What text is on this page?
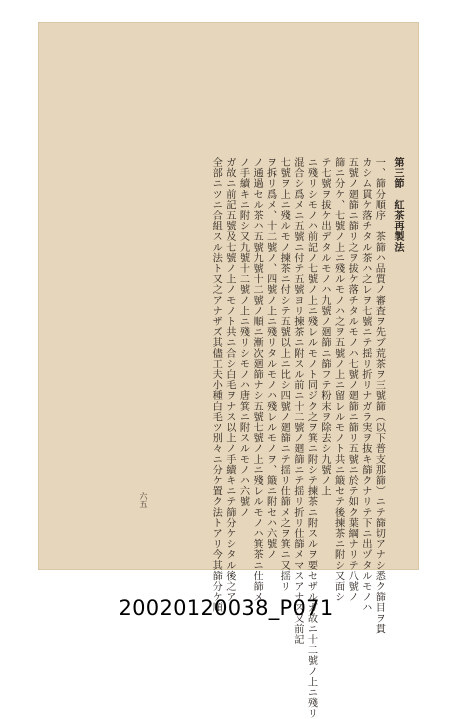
第三節　紅茶再製法
一、篩分順序　茶篩ハ品質ノ審査ヲ先ブ荒茶ヲ三號篩（以下普支那篩）ニテ篩切アナシ悉ク篩目ヲ貫
カシム貫ケ落チタル茶ハ之レヲ七號ニテ揺リ折リナガラ実ヲ抜キ篩クナリテ下ニ出ヅタルモノハ
五號ノ廻篩ニ篩リ之ヲ拔ケ落チタルモノハ七號ノ廻篩ニ篩リ五號ニ於テ如ク葉綱ナリテ八號ノ
篩ニ分ケ、七號ノ上ニ殘ルモノハ之ヲ五號ノ上ニ留レルモノト共ニ簸セテ後揀茶ニ附シ又面シ
テ七號ヲ拔ケ出デタルモノハ九號ノ廻篩ニ篩フテ粉末ヲ除去シ九號ノ上
ニ殘リシモノハ前記ノ七號ノ上ニ殘レルモノト同ジク之ヲ箕ニ附シテ揀茶ニ附スルヲ要セザルガ故ニ十二號ノ上ニ殘リ
混合シ爲メニ五號ニ付テ五號ヨリ揀茶ニ附スル前ニ十二號ノ廻篩ニテ揺リ折リ仕篩メマスアナス又前記
七號ヲ上ニ殘ルモノ揀茶ニ付シテ五號以上ニ比シ四號ノ廻篩ニテ揺リ仕篩メ之ヲ箕ニ又揺リ
ヲ拆リ爲メ、十二號ノ、四號ノ上ニ殘リタルモノハ殘レルモノヲ、簸ニ附セハ六號ノ
ノ通過セル茶ハ五號九號十二號ノ順ニ漸次廻篩ナシ五號七號ノ上ニ殘レルモノハ箕茶ニ仕篩メ
ノ手續キニ附シ又九號十二號ノ上ニ殘リシモノハ唐箕ニ附スルモノハ六號ノ
ガ故ニ前記五號及七號ノ上ノモノト共ニ合シ白毛ヲナス以上ノ手續キニテ篩分ケシタル後之ア
全部ニツニ合組スル法ト又之アナザズ其儘工夫小種白毛ツ別々ニ分ケ置ク法トアリ今其篩分ケ順
六五
20020120038_P071
